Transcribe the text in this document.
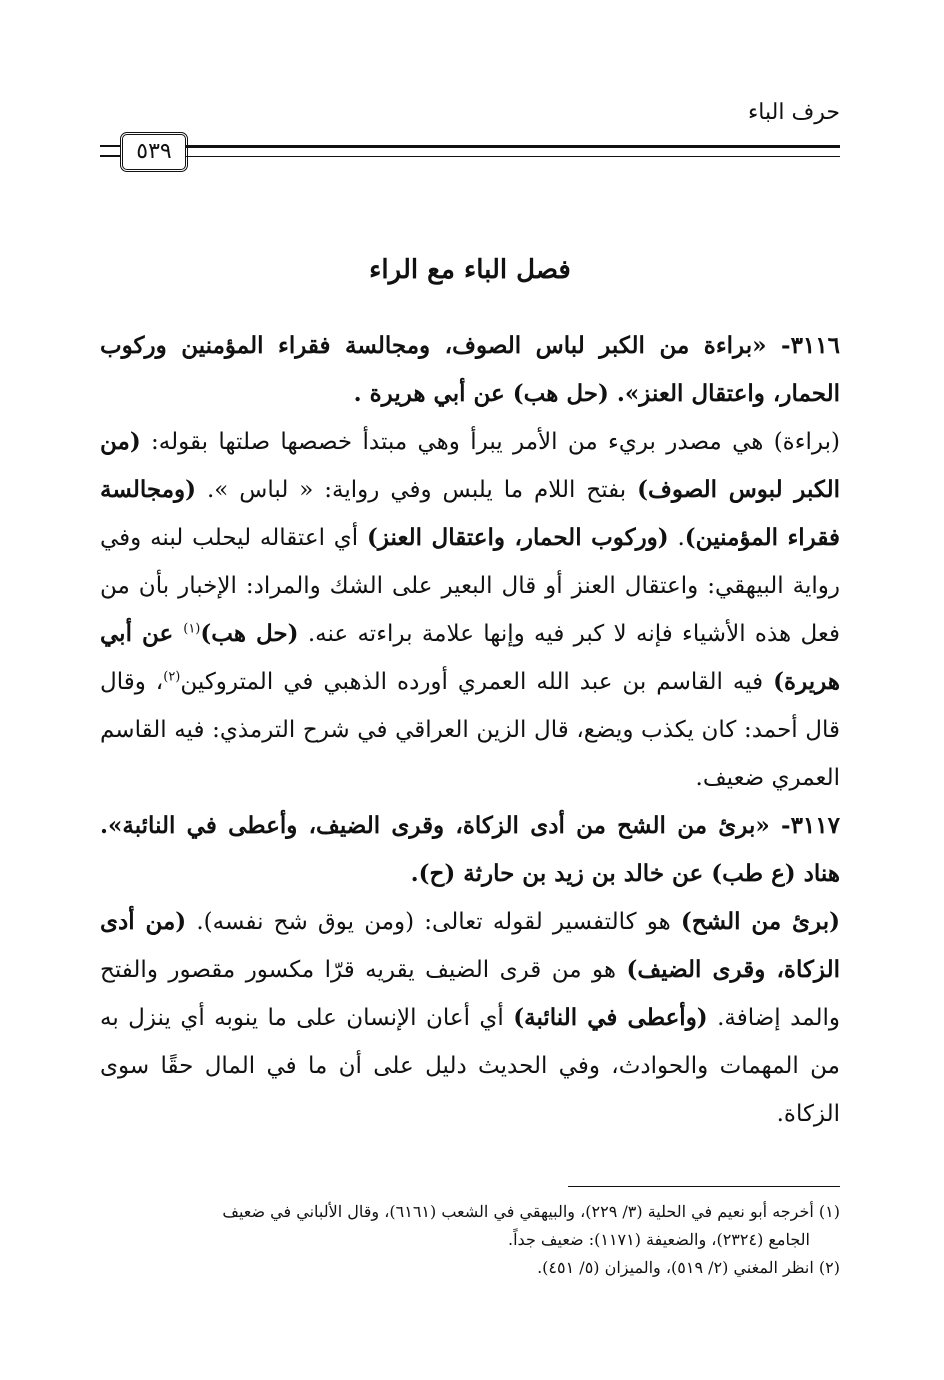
حرف الباء
٥٣٩
فصل الباء مع الراء

٣١١٦- «براءة من الكبر لباس الصوف، ومجالسة فقراء المؤمنين وركوب الحمار، واعتقال العنز». (حل هب) عن أبي هريرة .

(براءة) هي مصدر بريء من الأمر يبرأ وهي مبتدأ خصصها صلتها بقوله: (من الكبر لبوس الصوف) بفتح اللام ما يلبس وفي رواية: « لباس ». (ومجالسة فقراء المؤمنين). (وركوب الحمار، واعتقال العنز) أي اعتقاله ليحلب لبنه وفي رواية البيهقي: واعتقال العنز أو قال البعير على الشك والمراد: الإخبار بأن من فعل هذه الأشياء فإنه لا كبر فيه وإنها علامة براءته عنه. (حل هب)$^{(١)}$ عن أبي هريرة) فيه القاسم بن عبد الله العمري أورده الذهبي في المتروكين$^{(٢)}$، وقال قال أحمد: كان يكذب ويضع، قال الزين العراقي في شرح الترمذي: فيه القاسم العمري ضعيف.

٣١١٧- «برئ من الشح من أدى الزكاة، وقرى الضيف، وأعطى في النائبة». هناد (ع طب) عن خالد بن زيد بن حارثة (ح).

(برئ من الشح) هو كالتفسير لقوله تعالى: (ومن يوق شح نفسه). (من أدى الزكاة، وقرى الضيف) هو من قرى الضيف يقريه قرّا مكسور مقصور والفتح والمد إضافة. (وأعطى في النائبة) أي أعان الإنسان على ما ينوبه أي ينزل به من المهمات والحوادث، وفي الحديث دليل على أن ما في المال حقًا سوى الزكاة.

(١) أخرجه أبو نعيم في الحلية (٣/ ٢٢٩)، والبيهقي في الشعب (٦١٦١)، وقال الألباني في ضعيف

الجامع (٢٣٢٤)، والضعيفة (١١٧١): ضعيف جداً.

(٢) انظر المغني (٢/ ٥١٩)، والميزان (٥/ ٤٥١).
